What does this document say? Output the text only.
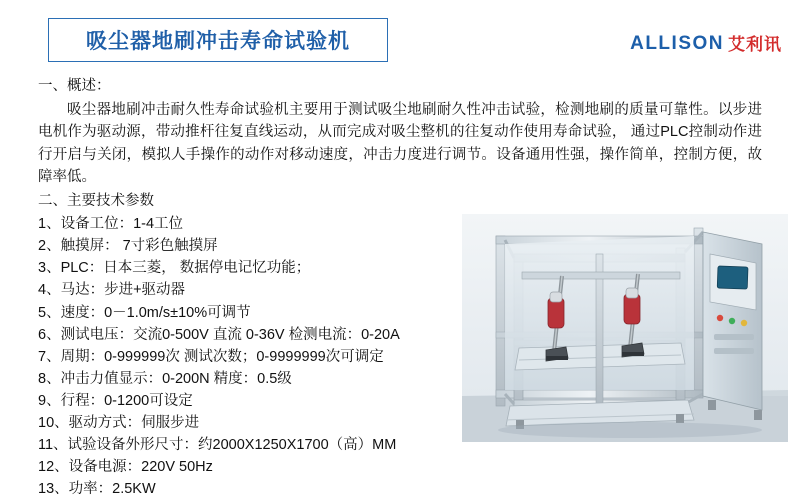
吸尘器地刷冲击寿命试验机	ALLISON 艾利讯

一、概述：

吸尘器地刷冲击耐久性寿命试验机主要用于测试吸尘地刷耐久性冲击试验，检测地刷的质量可靠性。以步进电机作为驱动源，带动推杆往复直线运动，从而完成对吸尘整机的往复动作使用寿命试验， 通过PLC控制动作进行开启与关闭，模拟人手操作的动作对移动速度，冲击力度进行调节。设备通用性强，操作简单，控制方便，故障率低。

二、主要技术参数

1、设备工位：1-4工位
2、触摸屏： 7寸彩色触摸屏
3、PLC：日本三菱， 数据停电记忆功能；
4、马达：步进+驱动器
5、速度：0－1.0m/s±10%可调节
6、测试电压：交流0-500V 直流 0-36V 检测电流：0-20A
7、周期：0-999999次 测试次数；0-9999999次可调定
8、冲击力值显示：0-200N 精度：0.5级
9、行程：0-1200可设定
10、驱动方式：伺服步进
11、试验设备外形尺寸：约2000X1250X1700（高）MM
12、设备电源：220V 50Hz
13、功率：2.5KW
